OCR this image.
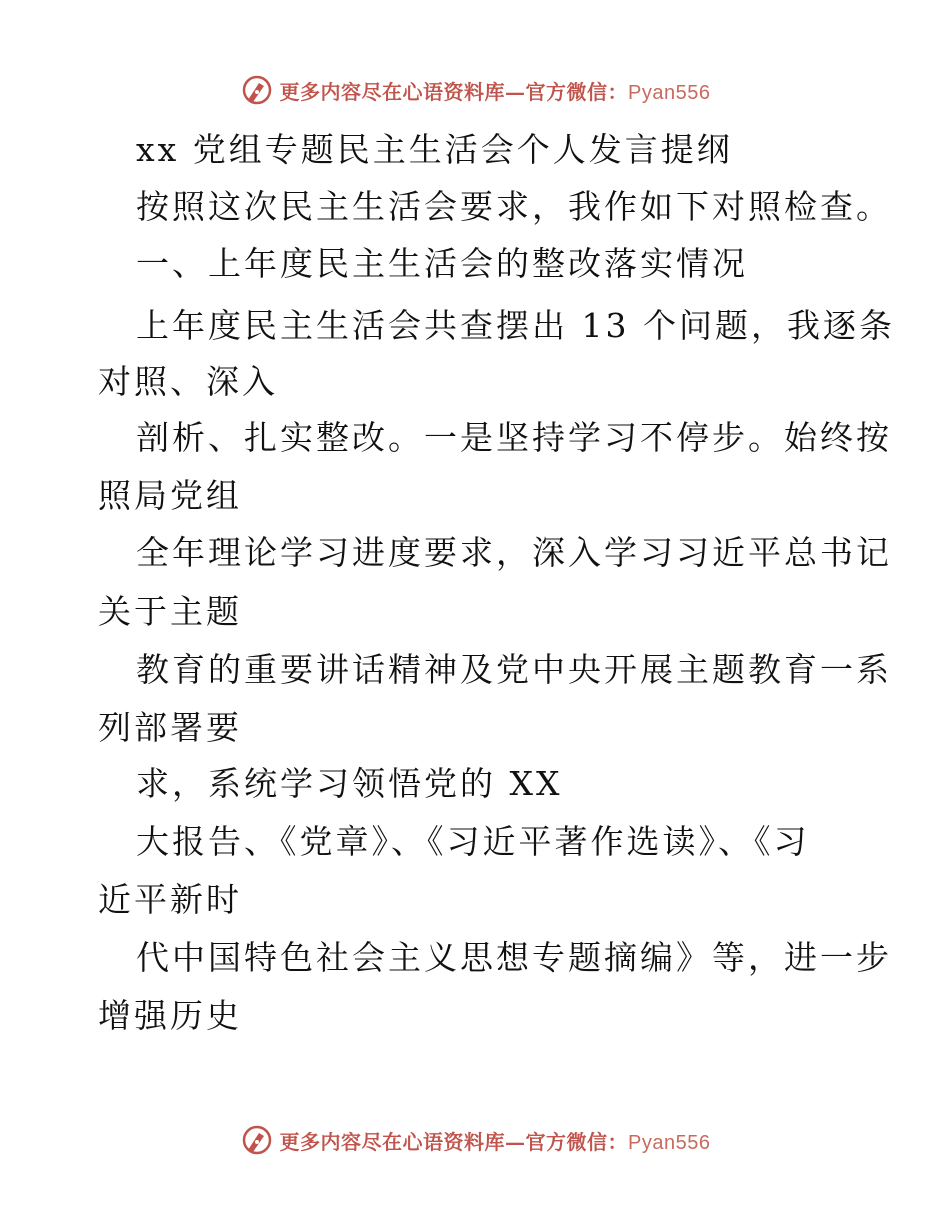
更多内容尽在心语资料库—官方微信：Pyan556
xx 党组专题民主生活会个人发言提纲
按照这次民主生活会要求，我作如下对照检查。
一、上年度民主生活会的整改落实情况
上年度民主生活会共查摆出 13 个问题，我逐条
对照、深入
剖析、扎实整改。一是坚持学习不停步。始终按
照局党组
全年理论学习进度要求，深入学习习近平总书记
关于主题
教育的重要讲话精神及党中央开展主题教育一系
列部署要
求，系统学习领悟党的 XX
大报告、《党章》、《习近平著作选读》、《习
近平新时
代中国特色社会主义思想专题摘编》等，进一步
增强历史
更多内容尽在心语资料库—官方微信：Pyan556
